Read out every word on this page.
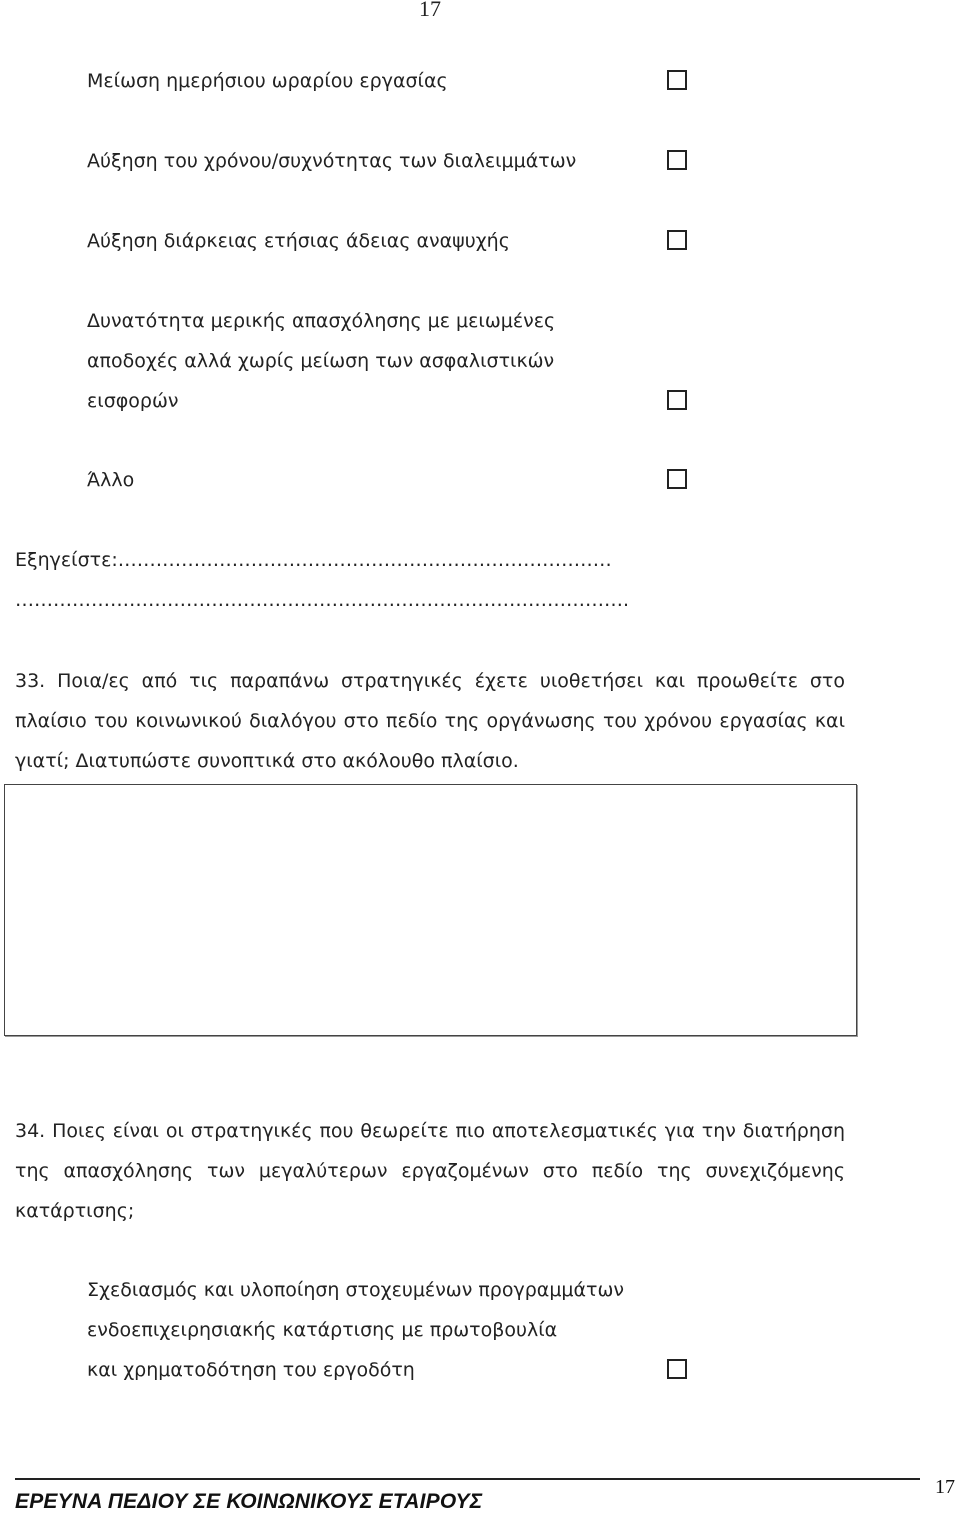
17
Μείωση ημερήσιου ωραρίου εργασίας
Αύξηση του χρόνου/συχνότητας των διαλειμμάτων
Αύξηση διάρκειας ετήσιας άδειας αναψυχής
Δυνατότητα μερικής απασχόλησης με μειωμένες
αποδοχές αλλά χωρίς μείωση των ασφαλιστικών
εισφορών
Άλλο
Εξηγείστε:……………………………………………………………………
…………………………………………………………………………………….
33. Ποια/ες από τις παραπάνω στρατηγικές έχετε υιοθετήσει και προωθείτε στο
πλαίσιο του κοινωνικού διαλόγου στο πεδίο της οργάνωσης του χρόνου εργασίας και
γιατί; Διατυπώστε συνοπτικά στο ακόλουθο πλαίσιο.
34. Ποιες είναι οι στρατηγικές που θεωρείτε πιο αποτελεσματικές για την διατήρηση
της απασχόλησης των μεγαλύτερων εργαζομένων στο πεδίο της συνεχιζόμενης
κατάρτισης;
Σχεδιασμός και υλοποίηση στοχευμένων προγραμμάτων
ενδοεπιχειρησιακής κατάρτισης με πρωτοβουλία
και χρηματοδότηση του εργοδότη
ΕΡΕΥΝΑ ΠΕΔΙΟΥ ΣΕ ΚΟΙΝΩΝΙΚΟΥΣ ΕΤΑΙΡΟΥΣ
17
